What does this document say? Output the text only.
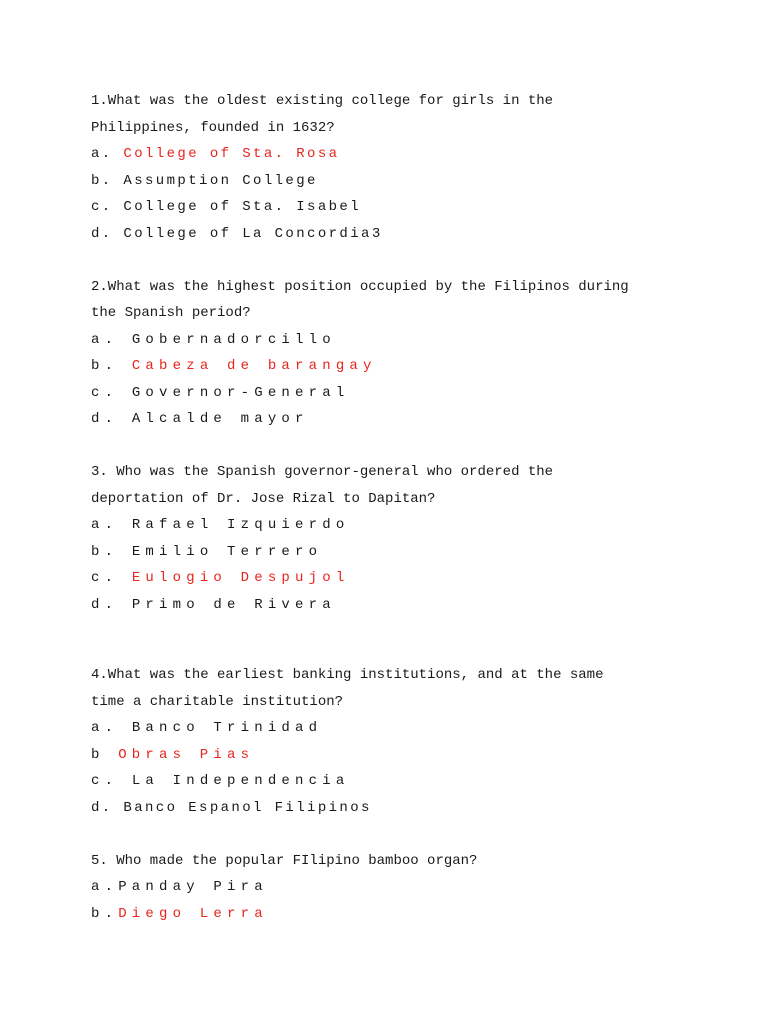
1.What was the oldest existing college for girls in the
Philippines, founded in 1632?
a. College of Sta. Rosa
b. Assumption College
c. College of Sta. Isabel
d. College of La Concordia3
2.What was the highest position occupied by the Filipinos during
the Spanish period?
a. Gobernadorcillo
b. Cabeza de barangay
c. Governor-General
d. Alcalde mayor
3. Who was the Spanish governor-general who ordered the
deportation of Dr. Jose Rizal to Dapitan?
a. Rafael Izquierdo
b. Emilio Terrero
c. Eulogio Despujol
d. Primo de Rivera
4.What was the earliest banking institutions, and at the same
time a charitable institution?
a. Banco Trinidad
b Obras Pias
c. La Independencia
d. Banco Espanol Filipinos
5. Who made the popular FIlipino bamboo organ?
a.Panday Pira
b.Diego Lerra
